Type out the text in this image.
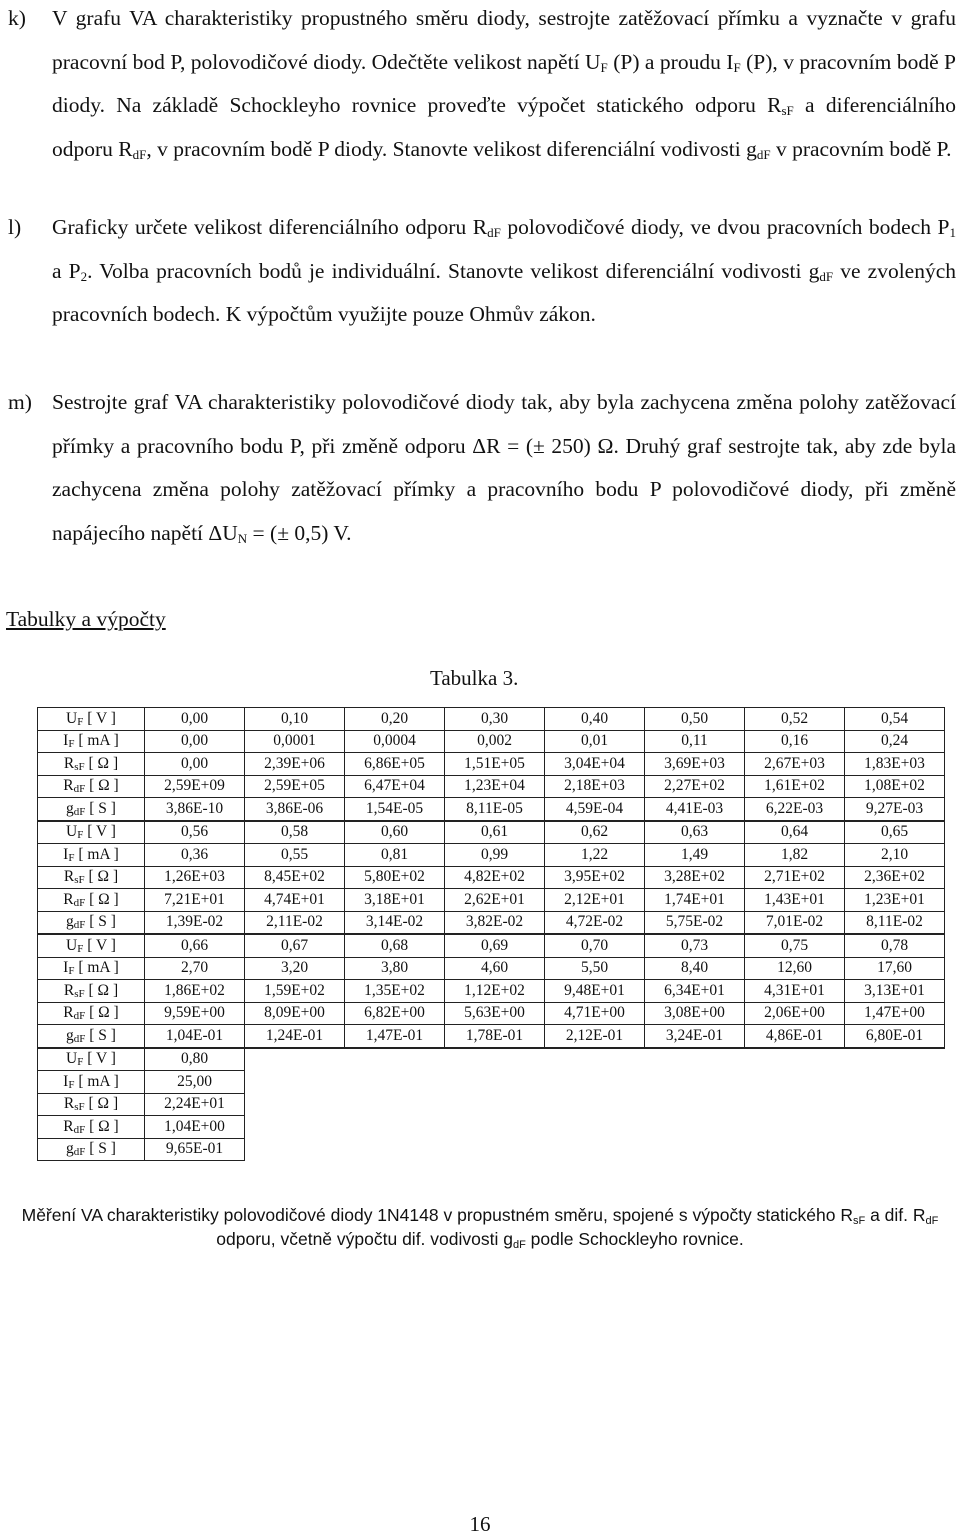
k) V grafu VA charakteristiky propustného směru diody, sestrojte zatěžovací přímku a vyznačte v grafu pracovní bod P, polovodičové diody. Odečtěte velikost napětí $U_F$ (P) a proudu $I_F$ (P), v pracovním bodě P diody. Na základě Schockleyho rovnice proveďte výpočet statického odporu $R_{sF}$ a diferenciálního odporu $R_{dF}$, v pracovním bodě P diody. Stanovte velikost diferenciální vodivosti $g_{dF}$ v pracovním bodě P.

l) Graficky určete velikost diferenciálního odporu $R_{dF}$ polovodičové diody, ve dvou pracovních bodech $P_1$ a $P_2$. Volba pracovních bodů je individuální. Stanovte velikost diferenciální vodivosti $g_{dF}$ ve zvolených pracovních bodech. K výpočtům využijte pouze Ohmův zákon.

m) Sestrojte graf VA charakteristiky polovodičové diody tak, aby byla zachycena změna polohy zatěžovací přímky a pracovního bodu P, při změně odporu ΔR = (± 250) Ω. Druhý graf sestrojte tak, aby zde byla zachycena změna polohy zatěžovací přímky a pracovního bodu P polovodičové diody, při změně napájecího napětí $\Delta U_N$ = (± 0,5) V.

Tabulky a výpočty
Tabulka 3.
$U_F$ [ V ]	0,00	0,10	0,20	0,30	0,40	0,50	0,52	0,54
$I_F$ [ mA ]	0,00	0,0001	0,0004	0,002	0,01	0,11	0,16	0,24
$R_{sF}$ [ Ω ]	0,00	2,39E+06	6,86E+05	1,51E+05	3,04E+04	3,69E+03	2,67E+03	1,83E+03
$R_{dF}$ [ Ω ]	2,59E+09	2,59E+05	6,47E+04	1,23E+04	2,18E+03	2,27E+02	1,61E+02	1,08E+02
$g_{dF}$ [ S ]	3,86E-10	3,86E-06	1,54E-05	8,11E-05	4,59E-04	4,41E-03	6,22E-03	9,27E-03
$U_F$ [ V ]	0,56	0,58	0,60	0,61	0,62	0,63	0,64	0,65
$I_F$ [ mA ]	0,36	0,55	0,81	0,99	1,22	1,49	1,82	2,10
$R_{sF}$ [ Ω ]	1,26E+03	8,45E+02	5,80E+02	4,82E+02	3,95E+02	3,28E+02	2,71E+02	2,36E+02
$R_{dF}$ [ Ω ]	7,21E+01	4,74E+01	3,18E+01	2,62E+01	2,12E+01	1,74E+01	1,43E+01	1,23E+01
$g_{dF}$ [ S ]	1,39E-02	2,11E-02	3,14E-02	3,82E-02	4,72E-02	5,75E-02	7,01E-02	8,11E-02
$U_F$ [ V ]	0,66	0,67	0,68	0,69	0,70	0,73	0,75	0,78
$I_F$ [ mA ]	2,70	3,20	3,80	4,60	5,50	8,40	12,60	17,60
$R_{sF}$ [ Ω ]	1,86E+02	1,59E+02	1,35E+02	1,12E+02	9,48E+01	6,34E+01	4,31E+01	3,13E+01
$R_{dF}$ [ Ω ]	9,59E+00	8,09E+00	6,82E+00	5,63E+00	4,71E+00	3,08E+00	2,06E+00	1,47E+00
$g_{dF}$ [ S ]	1,04E-01	1,24E-01	1,47E-01	1,78E-01	2,12E-01	3,24E-01	4,86E-01	6,80E-01
$U_F$ [ V ]	0,80							
$I_F$ [ mA ]	25,00							
$R_{sF}$ [ Ω ]	2,24E+01							
$R_{dF}$ [ Ω ]	1,04E+00							
$g_{dF}$ [ S ]	9,65E-01							
Měření VA charakteristiky polovodičové diody 1N4148 v propustném směru, spojené s výpočty statického $R_{sF}$ a dif. $R_{dF}$ odporu, včetně výpočtu dif. vodivosti $g_{dF}$ podle Schockleyho rovnice.
16
